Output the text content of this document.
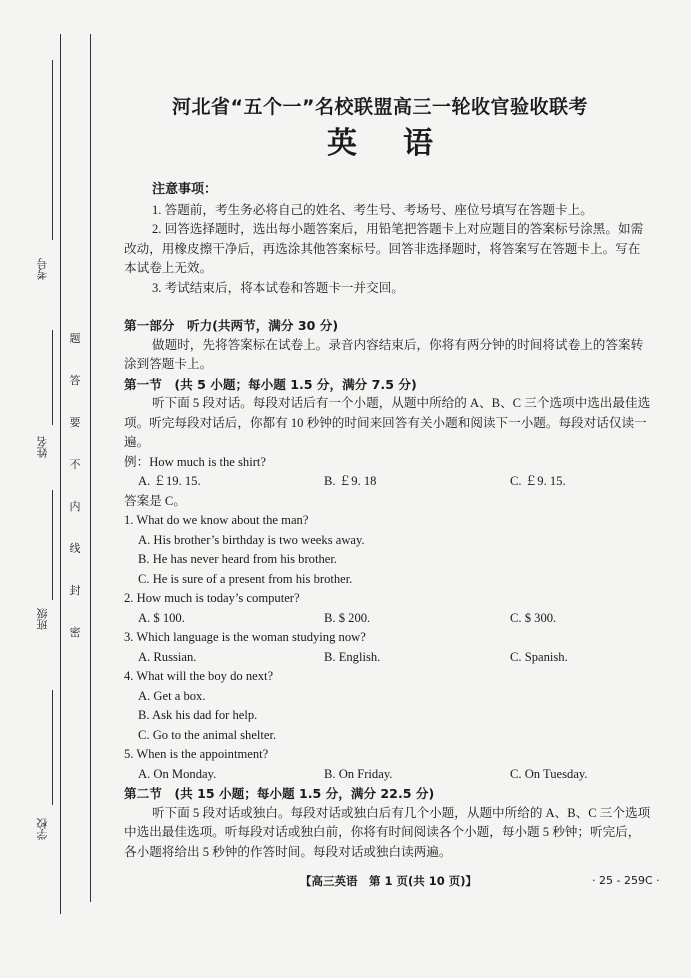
考号
姓名
班级
学校
题
答
要
不
内
线
封
密
河北省“五个一”名校联盟高三一轮收官验收联考
英语
注意事项：
1. 答题前，考生务必将自己的姓名、考生号、考场号、座位号填写在答题卡上。
2. 回答选择题时，选出每小题答案后，用铅笔把答题卡上对应题目的答案标号涂黑。如需改动，用橡皮擦干净后，再选涂其他答案标号。回答非选择题时，将答案写在答题卡上。写在本试卷上无效。
3. 考试结束后，将本试卷和答题卡一并交回。
第一部分　听力(共两节，满分 30 分)
做题时，先将答案标在试卷上。录音内容结束后，你将有两分钟的时间将试卷上的答案转涂到答题卡上。
第一节　(共 5 小题；每小题 1.5 分，满分 7.5 分)
听下面 5 段对话。每段对话后有一个小题，从题中所给的 A、B、C 三个选项中选出最佳选项。听完每段对话后，你都有 10 秒钟的时间来回答有关小题和阅读下一小题。每段对话仅读一遍。
例：How much is the shirt?
A. ￡19. 15.	B. ￡9. 18	C. ￡9. 15.
答案是 C。
1. What do we know about the man?
A. His brother’s birthday is two weeks away.
B. He has never heard from his brother.
C. He is sure of a present from his brother.
2. How much is today’s computer?
A. $ 100.	B. $ 200.	C. $ 300.
3. Which language is the woman studying now?
A. Russian.	B. English.	C. Spanish.
4. What will the boy do next?
A. Get a box.
B. Ask his dad for help.
C. Go to the animal shelter.
5. When is the appointment?
A. On Monday.	B. On Friday.	C. On Tuesday.
第二节　(共 15 小题；每小题 1.5 分，满分 22.5 分)
听下面 5 段对话或独白。每段对话或独白后有几个小题，从题中所给的 A、B、C 三个选项中选出最佳选项。听每段对话或独白前，你将有时间阅读各个小题，每小题 5 秒钟；听完后，各小题将给出 5 秒钟的作答时间。每段对话或独白读两遍。
【高三英语　第 1 页(共 10 页)】	· 25 - 259C ·
